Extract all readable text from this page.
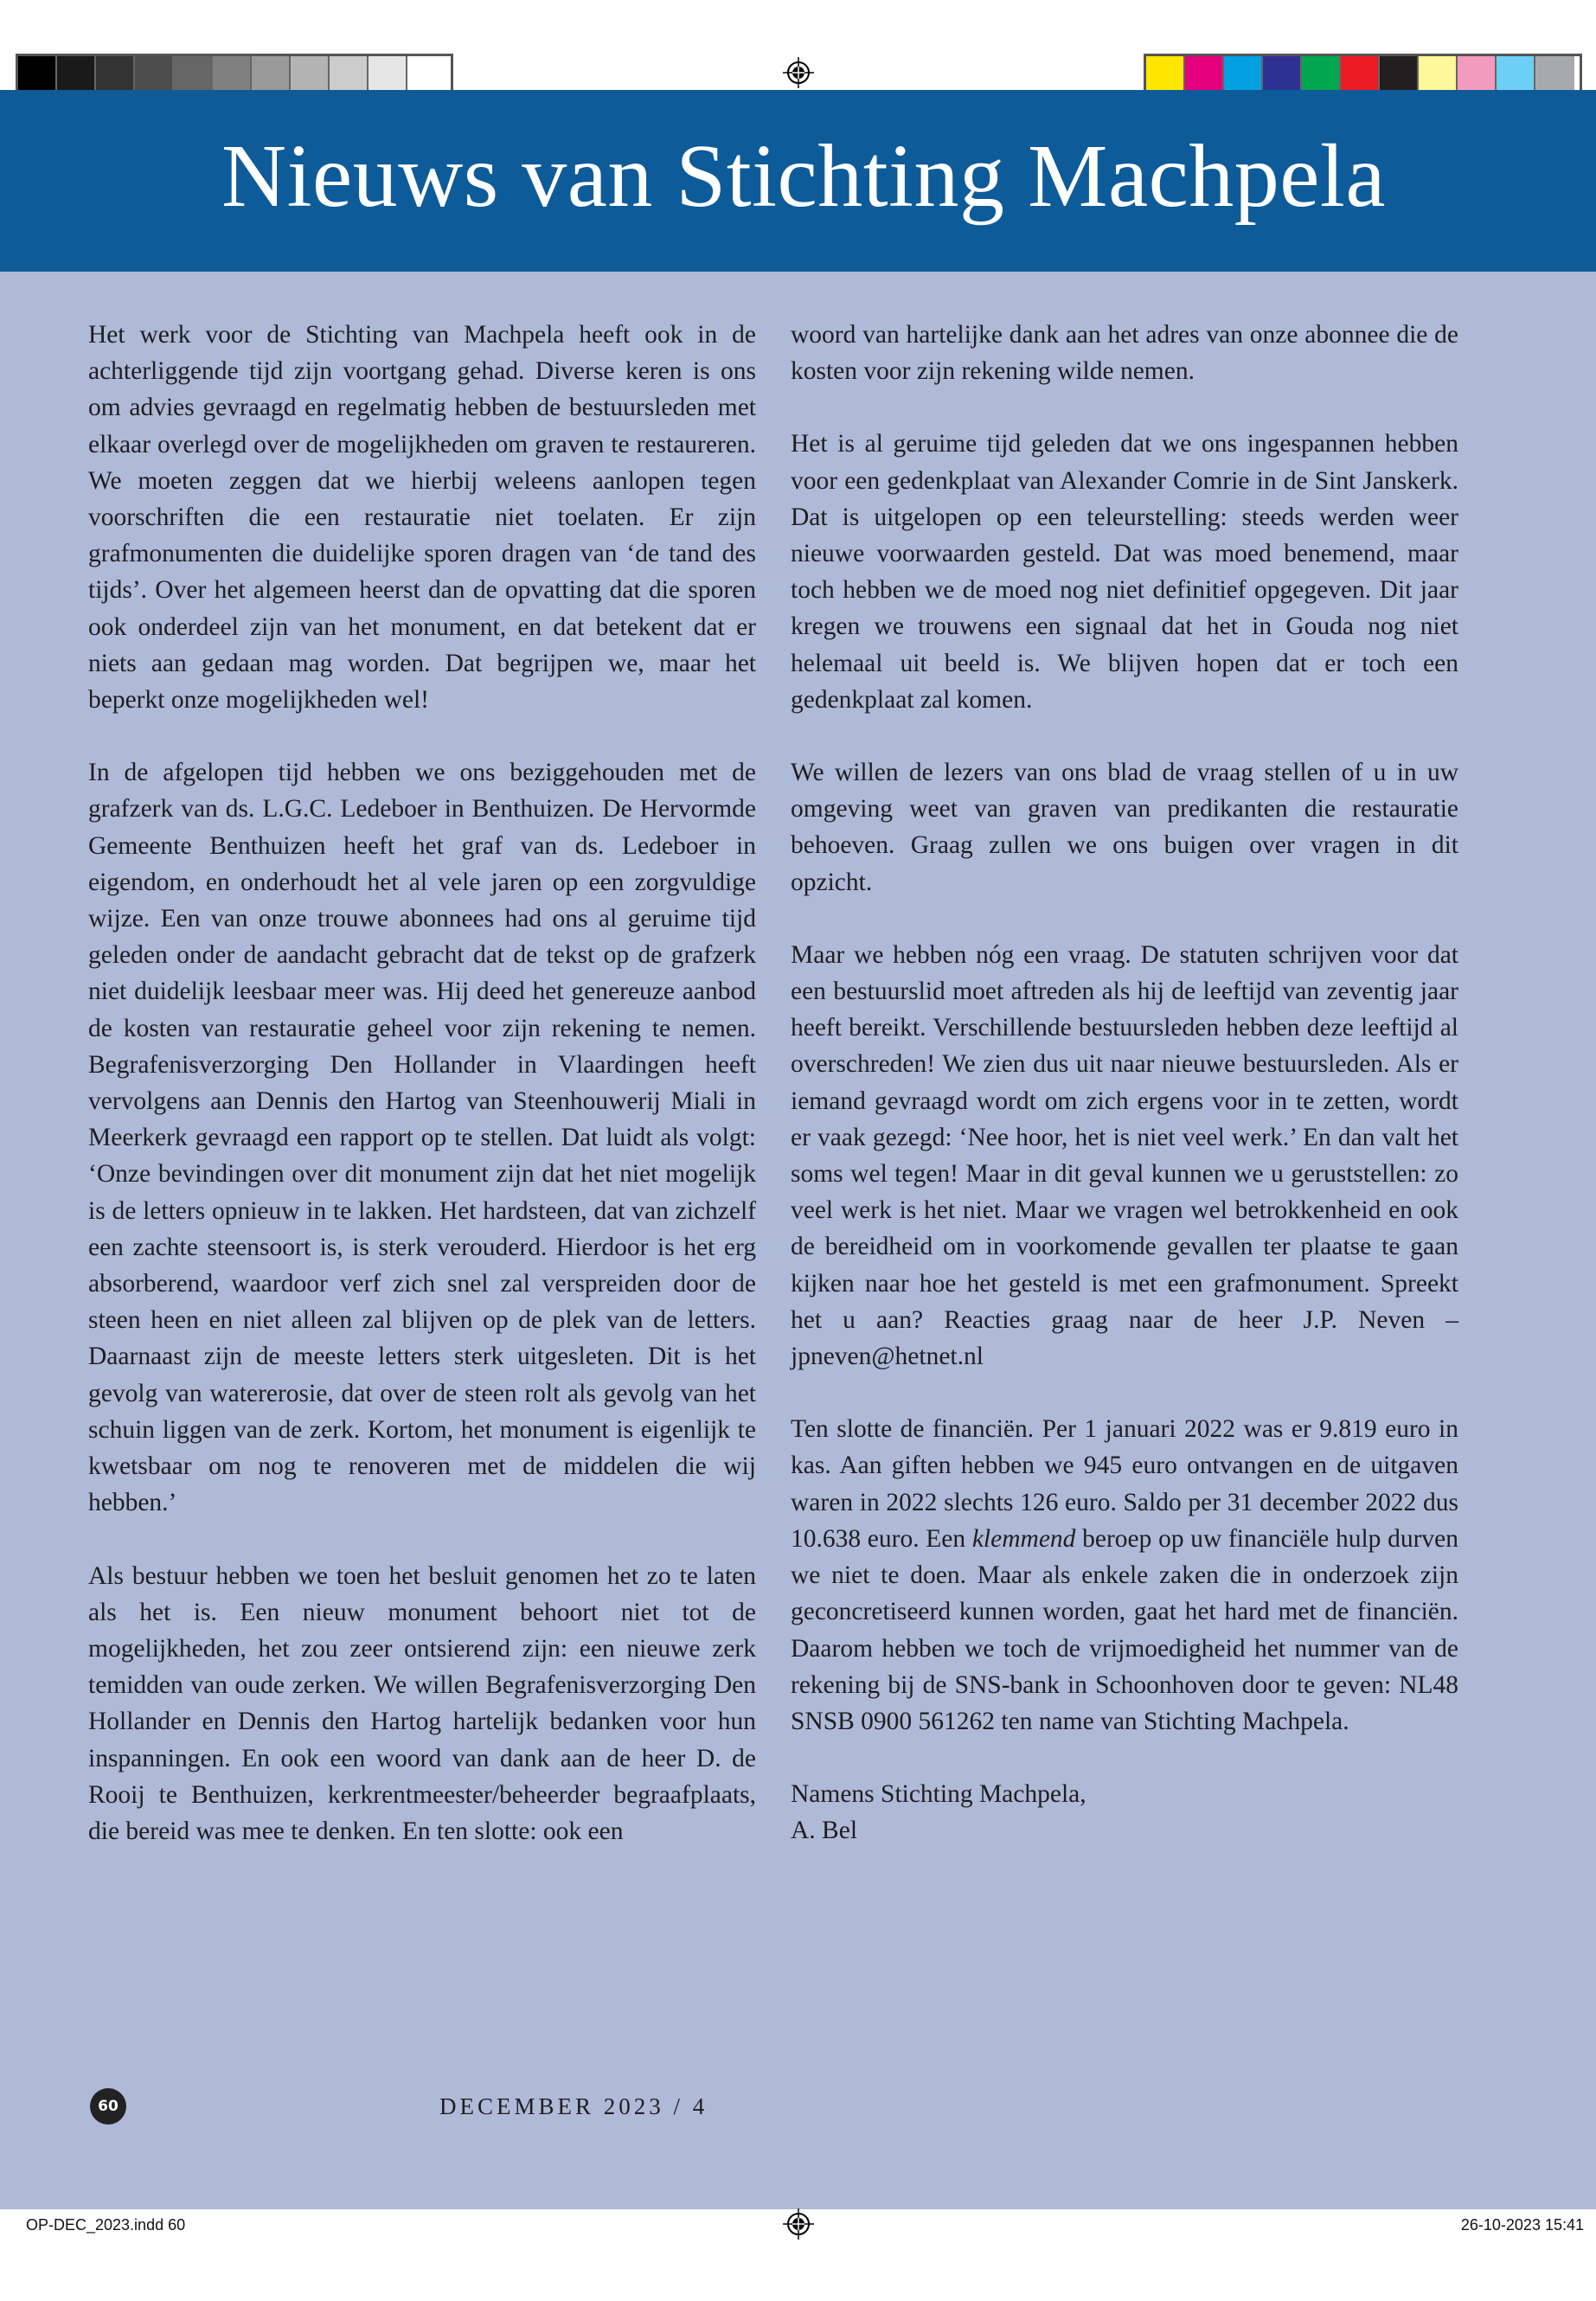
Nieuws van Stichting Machpela

Het werk voor de Stichting van Machpela heeft ook in de achterliggende tijd zijn voortgang gehad. Diverse keren is ons om advies gevraagd en regelmatig hebben de bestuursleden met elkaar overlegd over de mogelijkheden om graven te restaureren. We moeten zeggen dat we hierbij weleens aanlopen tegen voorschriften die een restauratie niet toelaten. Er zijn grafmonumenten die duidelijke sporen dragen van ‘de tand des tijds’. Over het algemeen heerst dan de opvatting dat die sporen ook onderdeel zijn van het monument, en dat betekent dat er niets aan gedaan mag worden. Dat begrijpen we, maar het beperkt onze mogelijkheden wel!

In de afgelopen tijd hebben we ons beziggehouden met de grafzerk van ds. L.G.C. Ledeboer in Benthuizen. De Hervormde Gemeente Benthuizen heeft het graf van ds. Ledeboer in eigendom, en onderhoudt het al vele jaren op een zorgvuldige wijze. Een van onze trouwe abonnees had ons al geruime tijd geleden onder de aandacht gebracht dat de tekst op de grafzerk niet duidelijk leesbaar meer was. Hij deed het genereuze aanbod de kosten van restauratie geheel voor zijn rekening te nemen. Begrafenisverzorging Den Hollander in Vlaardingen heeft vervolgens aan Dennis den Hartog van Steenhouwerij Miali in Meerkerk gevraagd een rapport op te stellen. Dat luidt als volgt: ‘Onze bevindingen over dit monument zijn dat het niet mogelijk is de letters opnieuw in te lakken. Het hardsteen, dat van zichzelf een zachte steensoort is, is sterk verouderd. Hierdoor is het erg absorberend, waardoor verf zich snel zal verspreiden door de steen heen en niet alleen zal blijven op de plek van de letters. Daarnaast zijn de meeste letters sterk uitgesleten. Dit is het gevolg van watererosie, dat over de steen rolt als gevolg van het schuin liggen van de zerk. Kortom, het monument is eigenlijk te kwetsbaar om nog te renoveren met de middelen die wij hebben.’

Als bestuur hebben we toen het besluit genomen het zo te laten als het is. Een nieuw monument behoort niet tot de mogelijkheden, het zou zeer ontsierend zijn: een nieuwe zerk temidden van oude zerken. We willen Begrafenisverzorging Den Hollander en Dennis den Hartog hartelijk bedanken voor hun inspanningen. En ook een woord van dank aan de heer D. de Rooij te Benthuizen, kerkrentmeester/beheerder begraafplaats, die bereid was mee te denken. En ten slotte: ook een

woord van hartelijke dank aan het adres van onze abonnee die de kosten voor zijn rekening wilde nemen.

Het is al geruime tijd geleden dat we ons ingespannen hebben voor een gedenkplaat van Alexander Comrie in de Sint Janskerk. Dat is uitgelopen op een teleurstelling: steeds werden weer nieuwe voorwaarden gesteld. Dat was moed benemend, maar toch hebben we de moed nog niet definitief opgegeven. Dit jaar kregen we trouwens een signaal dat het in Gouda nog niet helemaal uit beeld is. We blijven hopen dat er toch een gedenkplaat zal komen.

We willen de lezers van ons blad de vraag stellen of u in uw omgeving weet van graven van predikanten die restauratie behoeven. Graag zullen we ons buigen over vragen in dit opzicht.

Maar we hebben nóg een vraag. De statuten schrijven voor dat een bestuurslid moet aftreden als hij de leeftijd van zeventig jaar heeft bereikt. Verschillende bestuursleden hebben deze leeftijd al overschreden! We zien dus uit naar nieuwe bestuursleden. Als er iemand gevraagd wordt om zich ergens voor in te zetten, wordt er vaak gezegd: ‘Nee hoor, het is niet veel werk.’ En dan valt het soms wel tegen! Maar in dit geval kunnen we u geruststellen: zo veel werk is het niet. Maar we vragen wel betrokkenheid en ook de bereidheid om in voorkomende gevallen ter plaatse te gaan kijken naar hoe het gesteld is met een grafmonument. Spreekt het u aan? Reacties graag naar de heer J.P. Neven – jpneven@hetnet.nl

Ten slotte de financiën. Per 1 januari 2022 was er 9.819 euro in kas. Aan giften hebben we 945 euro ontvangen en de uitgaven waren in 2022 slechts 126 euro. Saldo per 31 december 2022 dus 10.638 euro. Een klemmend beroep op uw financiële hulp durven we niet te doen. Maar als enkele zaken die in onderzoek zijn geconcretiseerd kunnen worden, gaat het hard met de financiën. Daarom hebben we toch de vrijmoedigheid het nummer van de rekening bij de SNS-bank in Schoonhoven door te geven: NL48 SNSB 0900 561262 ten name van Stichting Machpela.

Namens Stichting Machpela,
A. Bel

60	DECEMBER 2023 / 4
OP-DEC_2023.indd 60	26-10-2023 15:41
